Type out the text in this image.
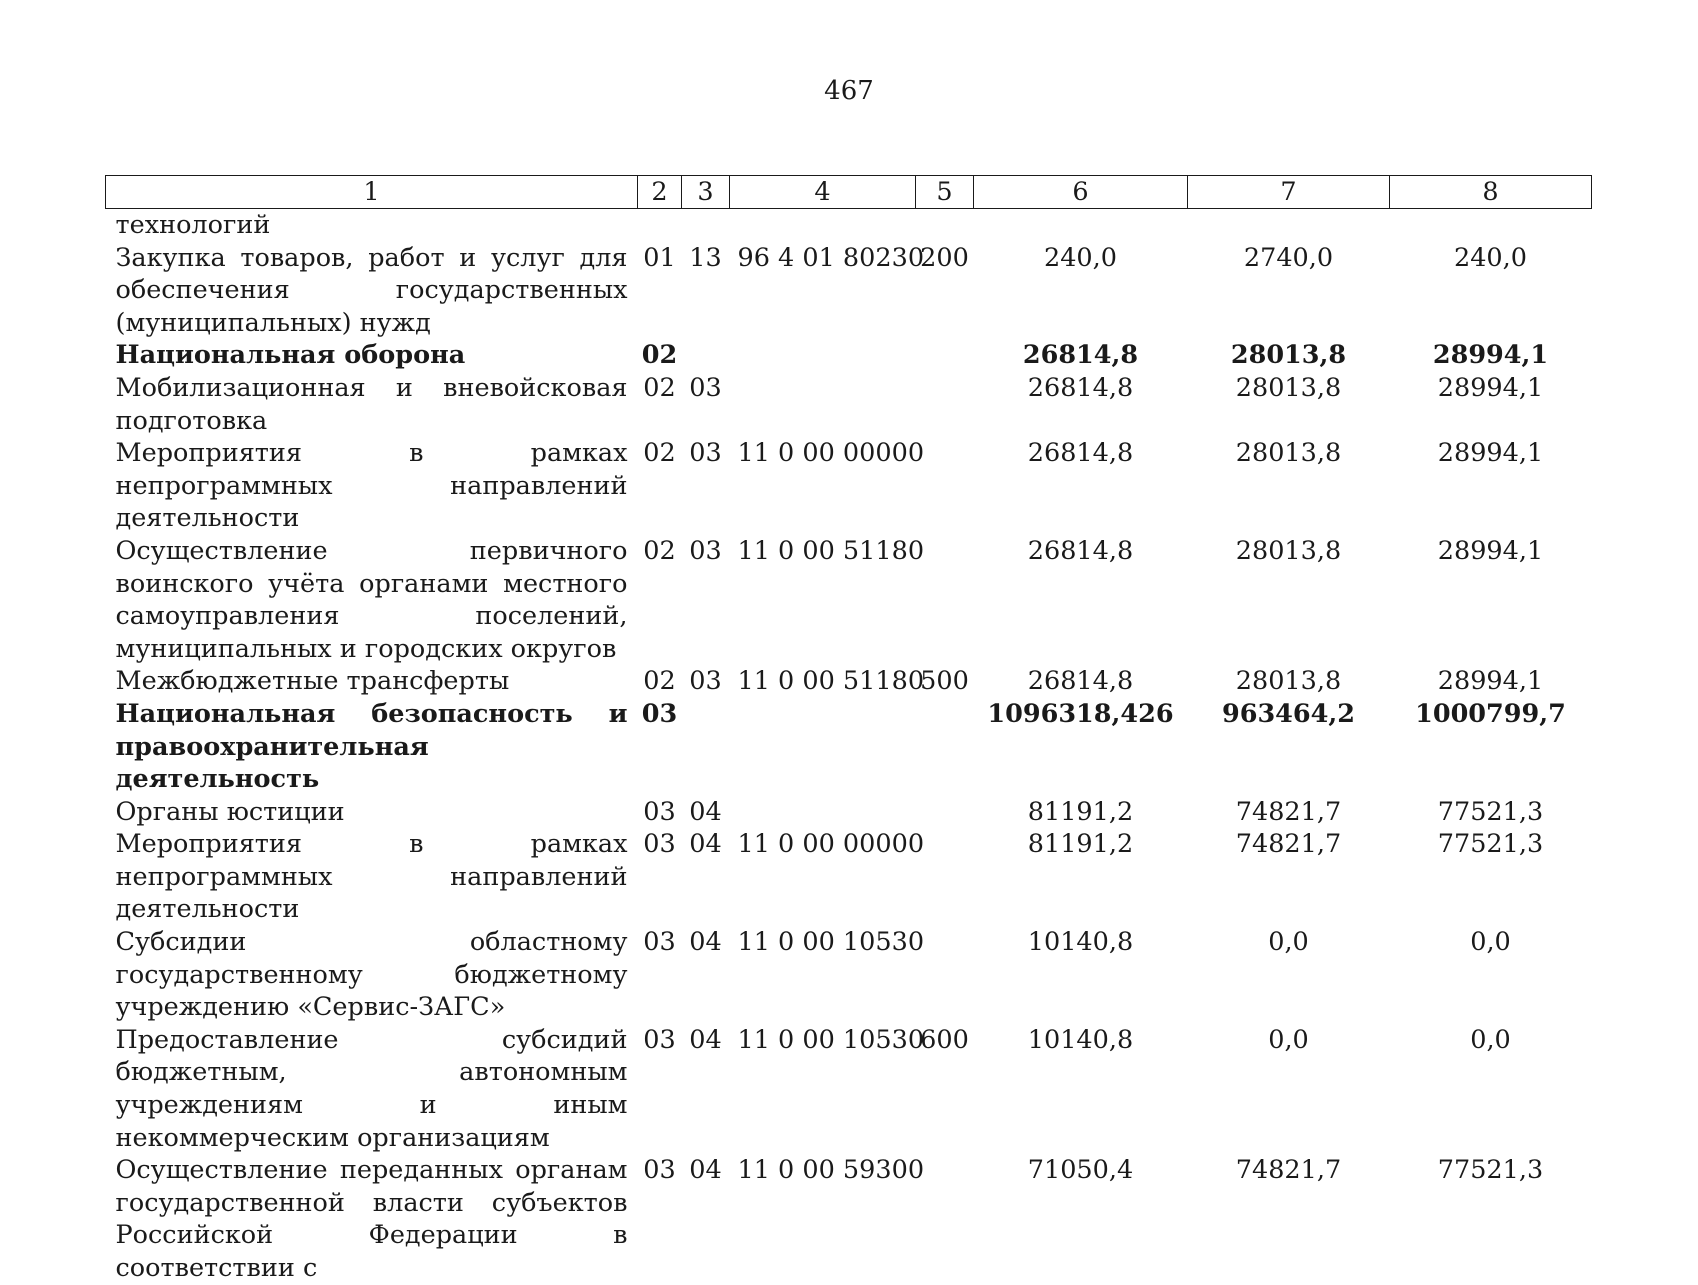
467
1	2	3	4	5	6	7	8
технологий							
Закупка товаров, работ и услуг для обеспечения государственных (муниципальных) нужд	01	13	96 4 01 80230	200	240,0	2740,0	240,0
Национальная оборона	02				26814,8	28013,8	28994,1
Мобилизационная и вневойсковая подготовка	02	03			26814,8	28013,8	28994,1
Мероприятия в рамках непрограммных направлений деятельности	02	03	11 0 00 00000		26814,8	28013,8	28994,1
Осуществление первичного воинского учёта органами местного самоуправления поселений, муниципальных и городских округов	02	03	11 0 00 51180		26814,8	28013,8	28994,1
Межбюджетные трансферты	02	03	11 0 00 51180	500	26814,8	28013,8	28994,1
Национальная безопасность и правоохранительная деятельность	03				1096318,426	963464,2	1000799,7
Органы юстиции	03	04			81191,2	74821,7	77521,3
Мероприятия в рамках непрограммных направлений деятельности	03	04	11 0 00 00000		81191,2	74821,7	77521,3
Субсидии областному государственному бюджетному учреждению «Сервис-ЗАГС»	03	04	11 0 00 10530		10140,8	0,0	0,0
Предоставление субсидий бюджетным, автономным учреждениям и иным некоммерческим организациям	03	04	11 0 00 10530	600	10140,8	0,0	0,0
Осуществление переданных органам государственной власти субъектов Российской Федерации в соответствии с	03	04	11 0 00 59300		71050,4	74821,7	77521,3
